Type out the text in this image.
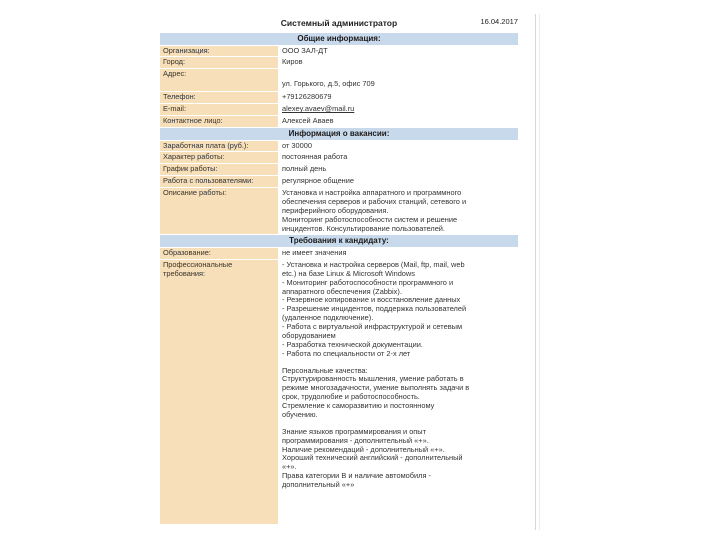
Системный администратор	16.04.2017
Общие информация:
Организация:	ООО ЗАЛ-ДТ
Город:	Киров
Адрес:
ул. Горького, д.5, офис 709
Телефон:	+79126280679
E-mail:	alexey.avaev@mail.ru
Контактное лицо:	Алексей Аваев
Информация о вакансии:
Заработная плата (руб.):	от 30000
Характер работы:	постоянная работа
График работы:	полный день
Работа с пользователями:	регулярное общение
Описание работы:	Установка и настройка аппаратного и программного
обеспечения серверов и рабочих станций, сетевого и
периферийного оборудования.
Мониторинг работоспособности систем и решение
инцидентов. Консультирование пользователей.
Требования к кандидату:
Образование:	не имеет значения
Профессиональные
требования:
- Установка и настройка серверов (Mail, ftp, mail, web
etc.) на базе Linux & Microsoft Windows
- Мониторинг работоспособности программного и
аппаратного обеспечения (Zabbix).
- Резервное копирование и восстановление данных
- Разрешение инцидентов, поддержка пользователей
(удаленное подключение).
- Работа с виртуальной инфраструктурой и сетевым
оборудованием
- Разработка технической документации.
- Работа по специальности от 2-х лет
Персональные качества:
Структурированность мышления, умение работать в
режиме многозадачности, умение выполнять задачи в
срок, трудолюбие и работоспособность.
Стремление к саморазвитию и постоянному
обучению.
Знание языков программирования и опыт
программирования - дополнительный «+».
Наличие рекомендаций - дополнительный «+».
Хороший технический английский - дополнительный
«+».
Права категории В и наличие автомобиля -
дополнительный «+»
